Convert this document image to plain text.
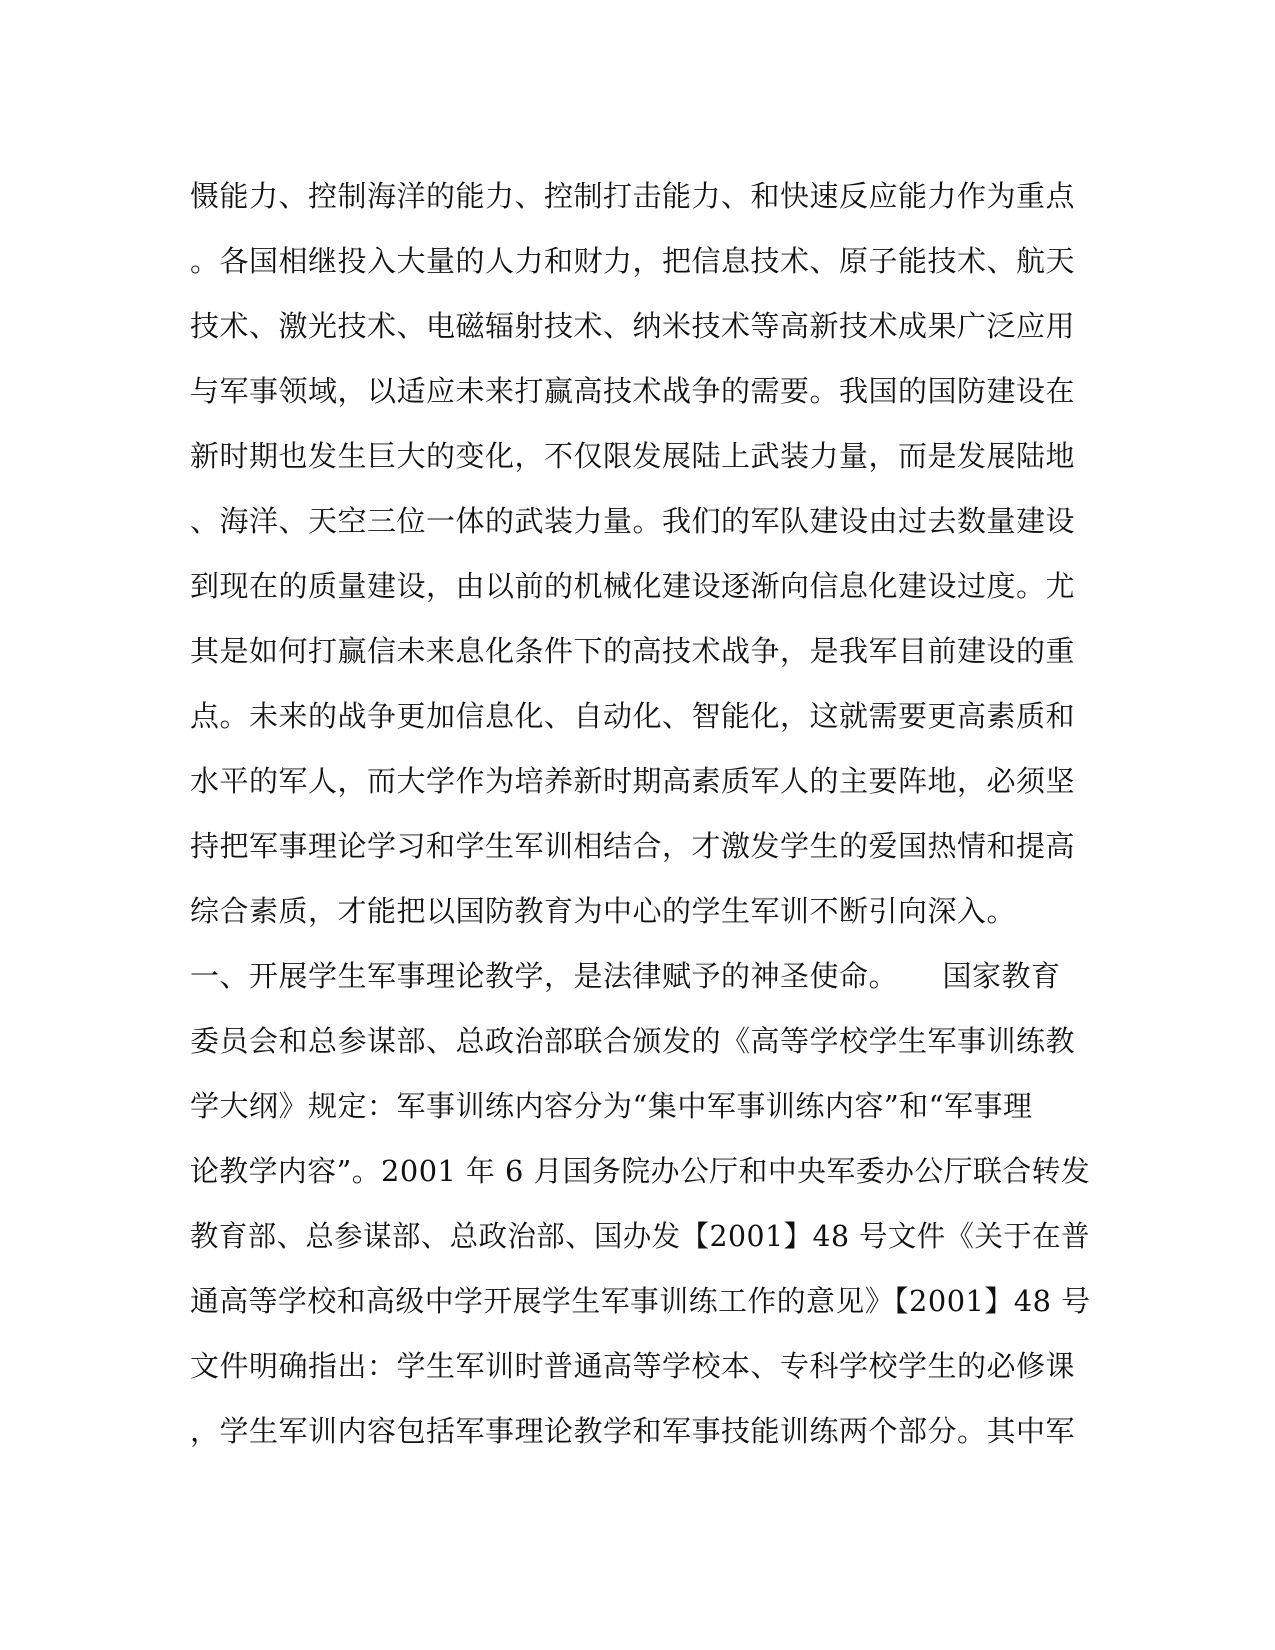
慑能力、控制海洋的能力、控制打击能力、和快速反应能力作为重点
。各国相继投入大量的人力和财力，把信息技术、原子能技术、航天
技术、激光技术、电磁辐射技术、纳米技术等高新技术成果广泛应用
与军事领域，以适应未来打赢高技术战争的需要。我国的国防建设在
新时期也发生巨大的变化，不仅限发展陆上武装力量，而是发展陆地
、海洋、天空三位一体的武装力量。我们的军队建设由过去数量建设
到现在的质量建设，由以前的机械化建设逐渐向信息化建设过度。尤
其是如何打赢信未来息化条件下的高技术战争，是我军目前建设的重
点。未来的战争更加信息化、自动化、智能化，这就需要更高素质和
水平的军人，而大学作为培养新时期高素质军人的主要阵地，必须坚
持把军事理论学习和学生军训相结合，才激发学生的爱国热情和提高
综合素质，才能把以国防教育为中心的学生军训不断引向深入。
一、开展学生军事理论教学，是法律赋予的神圣使命。　　国家教育
委员会和总参谋部、总政治部联合颁发的《高等学校学生军事训练教
学大纲》规定：军事训练内容分为“集中军事训练内容”和“军事理
论教学内容”。2001 年 6 月国务院办公厅和中央军委办公厅联合转发
教育部、总参谋部、总政治部、国办发【2001】48 号文件《关于在普
通高等学校和高级中学开展学生军事训练工作的意见》【2001】48 号
文件明确指出：学生军训时普通高等学校本、专科学校学生的必修课
，学生军训内容包括军事理论教学和军事技能训练两个部分。其中军
